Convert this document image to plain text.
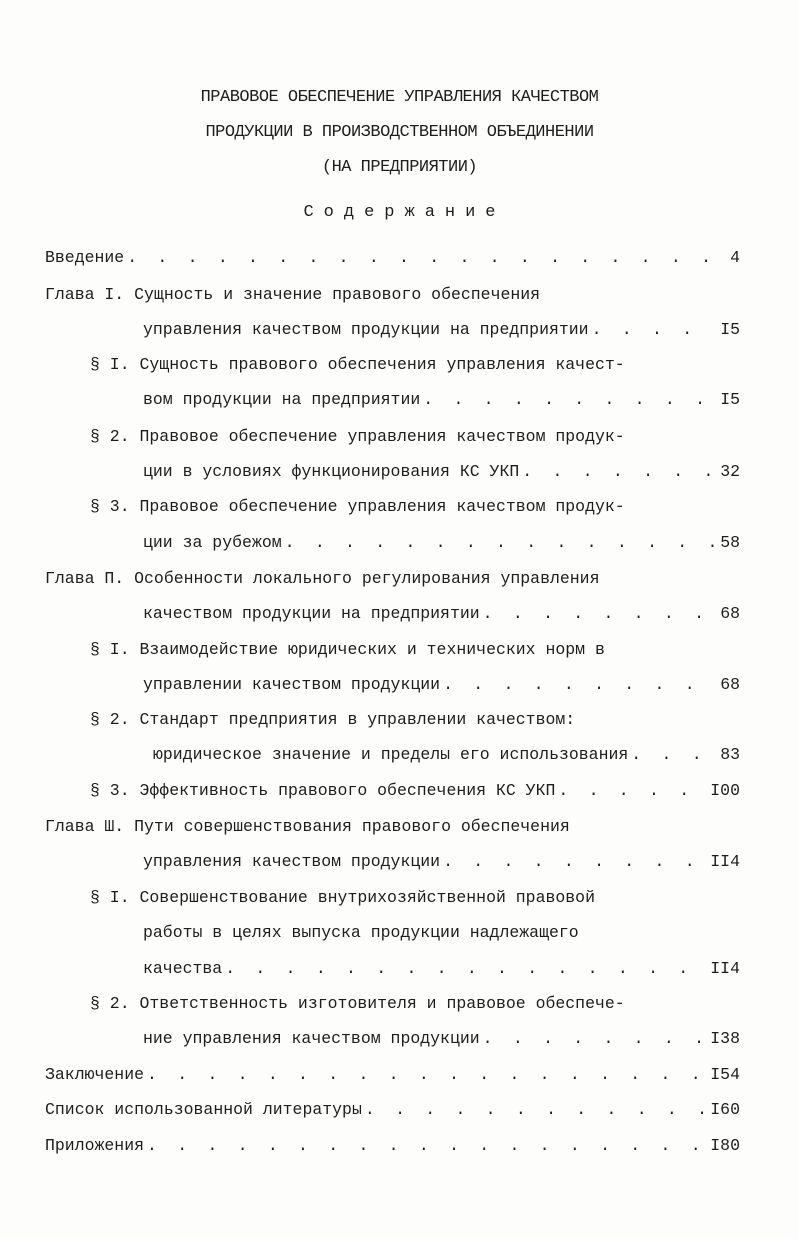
ПРАВОВОЕ ОБЕСПЕЧЕНИЕ УПРАВЛЕНИЯ КАЧЕСТВОМ
ПРОДУКЦИИ В ПРОИЗВОДСТВЕННОМ ОБЪЕДИНЕНИИ
(НА ПРЕДПРИЯТИИ)
Содержание
Введение . . .	4
Глава I. Сущность и значение правового обеспечения
управления качеством продукции на предприятии . . .	I5
§ I. Сущность правового обеспечения управления качест-
вом продукции на предприятии . . .	I5
§ 2. Правовое обеспечение управления качеством продук-
ции в условиях функционирования КС УКП . . .	32
§ 3. Правовое обеспечение управления качеством продук-
ции за рубежом . . .	58
Глава П. Особенности локального регулирования управления
качеством продукции на предприятии . . .	68
§ I. Взаимодействие юридических и технических норм в
управлении качеством продукции . . .	68
§ 2. Стандарт предприятия в управлении качеством:
юридическое значение и пределы его использования . . .	83
§ 3. Эффективность правового обеспечения КС УКП . . .	I00
Глава Ш. Пути совершенствования правового обеспечения
управления качеством продукции . . .	II4
§ I. Совершенствование внутрихозяйственной правовой
работы в целях выпуска продукции надлежащего
качества . . .	II4
§ 2. Ответственность изготовителя и правовое обеспече-
ние управления качеством продукции . . .	I38
Заключение . . .	I54
Список использованной литературы . . .	I60
Приложения . . .	I80
